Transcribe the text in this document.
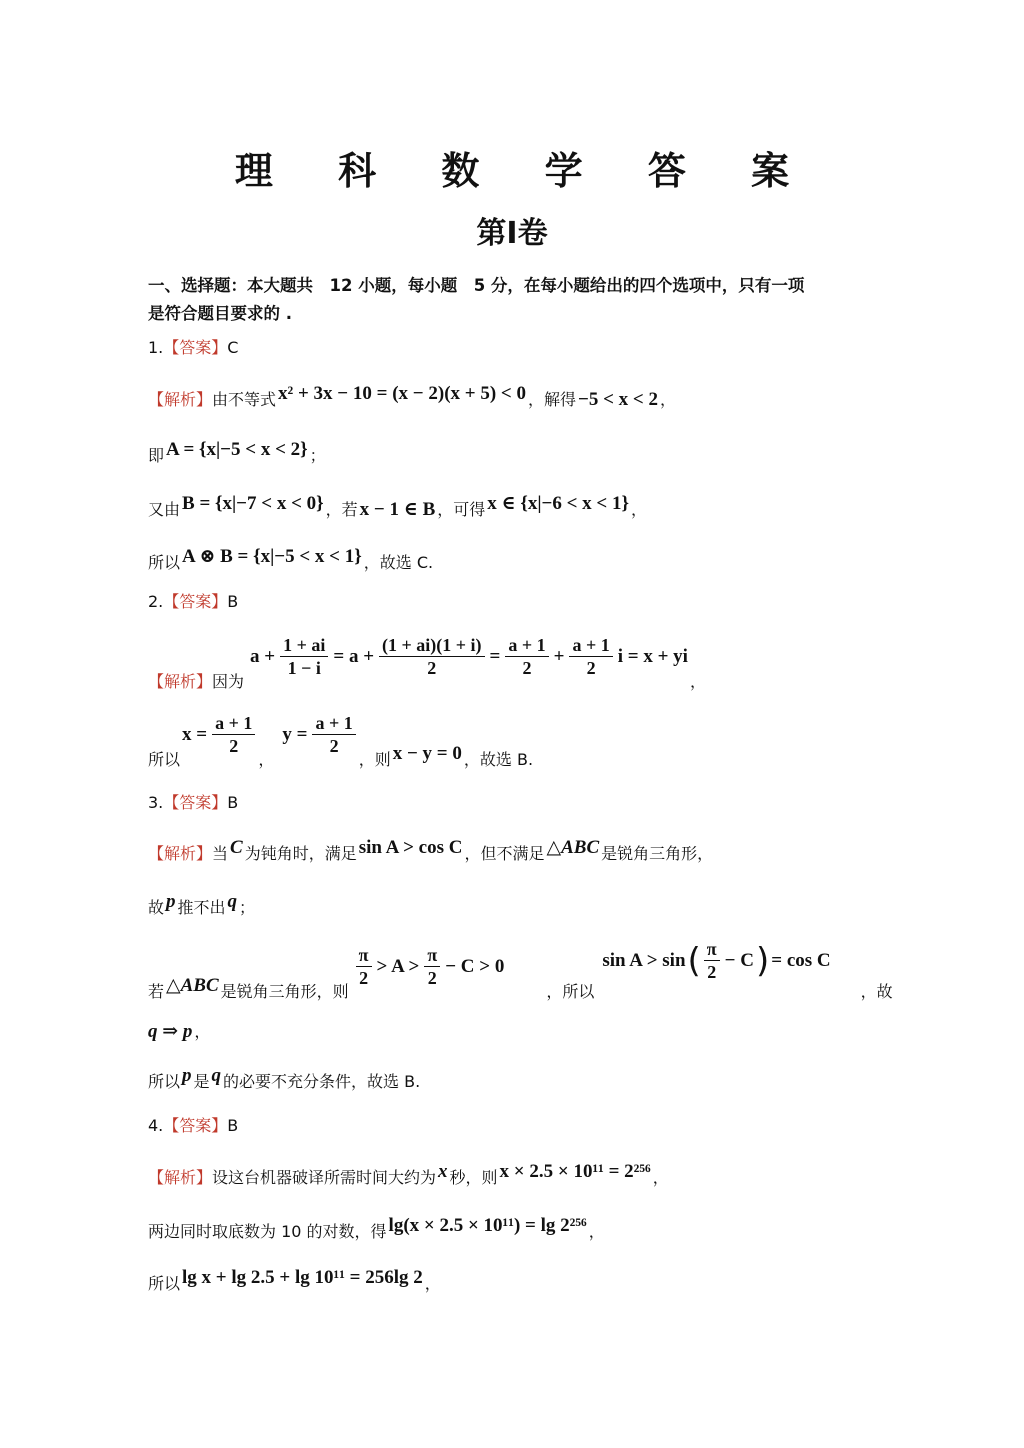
理 科 数 学 答 案
第Ⅰ卷
一、选择题：本大题共　12 小题，每小题　5 分，在每小题给出的四个选项中，只有一项
是符合题目要求的 .
1.【答案】C
【解析】由不等式 x² + 3x − 10 = (x − 2)(x + 5) < 0 ，解得 −5 < x < 2 ，
即 A = {x|−5 < x < 2} ；
又由 B = {x|−7 < x < 0} ，若 x − 1 ∈ B ，可得 x ∈ {x|−6 < x < 1} ，
所以 A ⊗ B = {x|−5 < x < 1} ，故选 C.
2.【答案】B
【解析】因为
$a + \frac{1 + ai}{1 - i} = a + \frac{(1 + ai)(1 + i)}{2} = \frac{a + 1}{2} + \frac{a + 1}{2}$ i = x + yi
，
所以
$x = \frac{a + 1}{2}$
，
$y = \frac{a + 1}{2}$
，则 x − y = 0 ，故选 B.
3.【答案】B
【解析】当 C 为钝角时，满足 sin A > cos C ，但不满足 △ABC 是锐角三角形，
故 p 推不出 q ；
若 △ABC 是锐角三角形，则
$\frac{\pi}{2} > A > \frac{\pi}{2} - C > 0$
，所以
sin A > sin ( $\frac{\pi}{2} - C$ ) = cos C
，故
q ⇒ p ，
所以 p 是 q 的必要不充分条件，故选 B.
4.【答案】B
【解析】设这台机器破译所需时间大约为 x 秒，则 x × 2.5 × 10¹¹ = 2²⁵⁶ ，
两边同时取底数为 10 的对数，得 lg(x × 2.5 × 10¹¹) = lg 2²⁵⁶ ，
所以 lg x + lg 2.5 + lg 10¹¹ = 256lg 2 ，
